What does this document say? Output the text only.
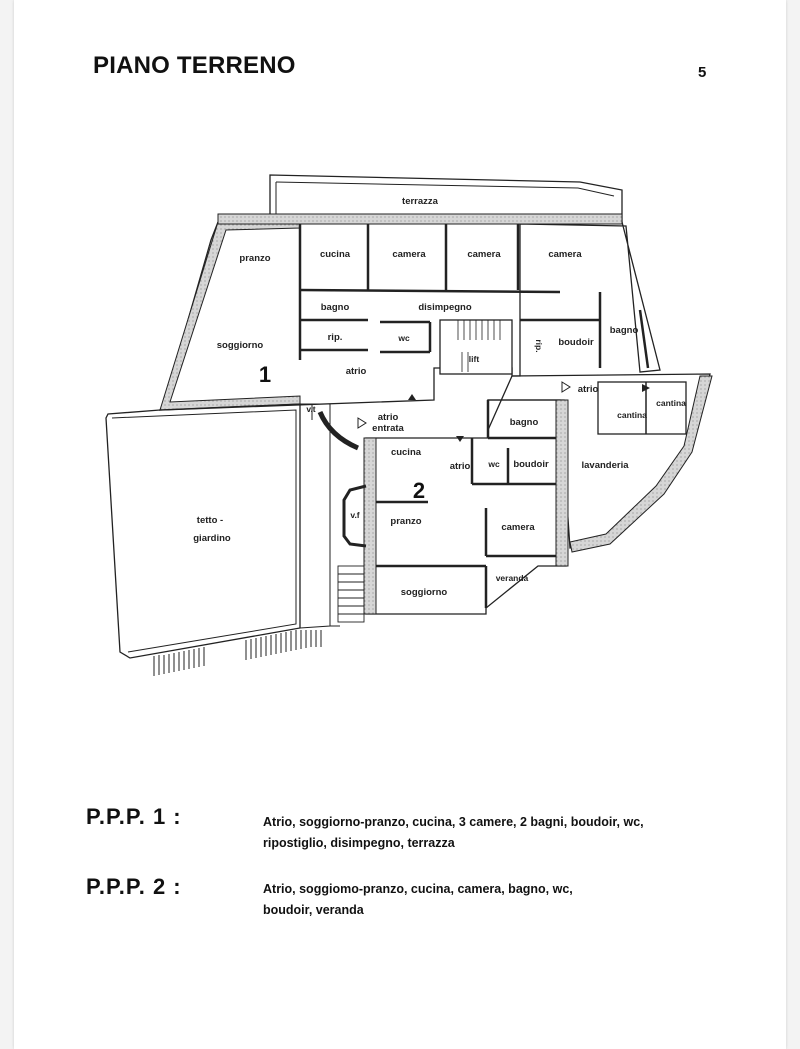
PIANO TERRENO	5
terrazza
pranzo	cucina	camera	camera	camera
bagno	disimpegno
rip.	wc
lift
rip. boudoir
bagno
soggiorno
1	atrio
atrio
cantina
cantina
lavanderia
v.t
atrio
entrata
bagno
cucina
atrio wc boudoir
2
tetto -
giardino
v.f
pranzo
camera
veranda
soggiorno
P.P.P. 1 :	Atrio, soggiorno-pranzo, cucina, 3 camere, 2 bagni, boudoir, wc, ripostiglio, disimpegno, terrazza
P.P.P. 2 :	Atrio, soggiomo-pranzo, cucina, camera, bagno, wc, boudoir, veranda
